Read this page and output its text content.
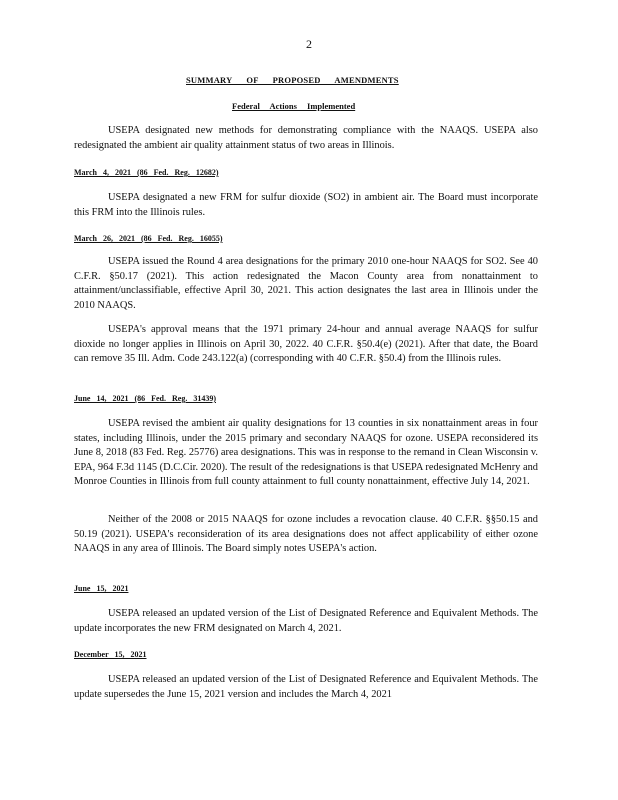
2
SUMMARY OF PROPOSED AMENDMENTS
Federal Actions Implemented
USEPA designated new methods for demonstrating compliance with the NAAQS. USEPA also redesignated the ambient air quality attainment status of two areas in Illinois.
March 4, 2021 (86 Fed. Reg. 12682)
USEPA designated a new FRM for sulfur dioxide (SO2) in ambient air. The Board must incorporate this FRM into the Illinois rules.
March 26, 2021 (86 Fed. Reg. 16055)
USEPA issued the Round 4 area designations for the primary 2010 one-hour NAAQS for SO2. See 40 C.F.R. §50.17 (2021). This action redesignated the Macon County area from nonattainment to attainment/unclassifiable, effective April 30, 2021. This action designates the last area in Illinois under the 2010 NAAQS.
USEPA's approval means that the 1971 primary 24-hour and annual average NAAQS for sulfur dioxide no longer applies in Illinois on April 30, 2022. 40 C.F.R. §50.4(e) (2021). After that date, the Board can remove 35 Ill. Adm. Code 243.122(a) (corresponding with 40 C.F.R. §50.4) from the Illinois rules.
June 14, 2021 (86 Fed. Reg. 31439)
USEPA revised the ambient air quality designations for 13 counties in six nonattainment areas in four states, including Illinois, under the 2015 primary and secondary NAAQS for ozone. USEPA reconsidered its June 8, 2018 (83 Fed. Reg. 25776) area designations. This was in response to the remand in Clean Wisconsin v. EPA, 964 F.3d 1145 (D.C.Cir. 2020). The result of the redesignations is that USEPA redesignated McHenry and Monroe Counties in Illinois from full county attainment to full county nonattainment, effective July 14, 2021.
Neither of the 2008 or 2015 NAAQS for ozone includes a revocation clause. 40 C.F.R. §§50.15 and 50.19 (2021). USEPA's reconsideration of its area designations does not affect applicability of either ozone NAAQS in any area of Illinois. The Board simply notes USEPA's action.
June 15, 2021
USEPA released an updated version of the List of Designated Reference and Equivalent Methods. The update incorporates the new FRM designated on March 4, 2021.
December 15, 2021
USEPA released an updated version of the List of Designated Reference and Equivalent Methods. The update supersedes the June 15, 2021 version and includes the March 4, 2021
